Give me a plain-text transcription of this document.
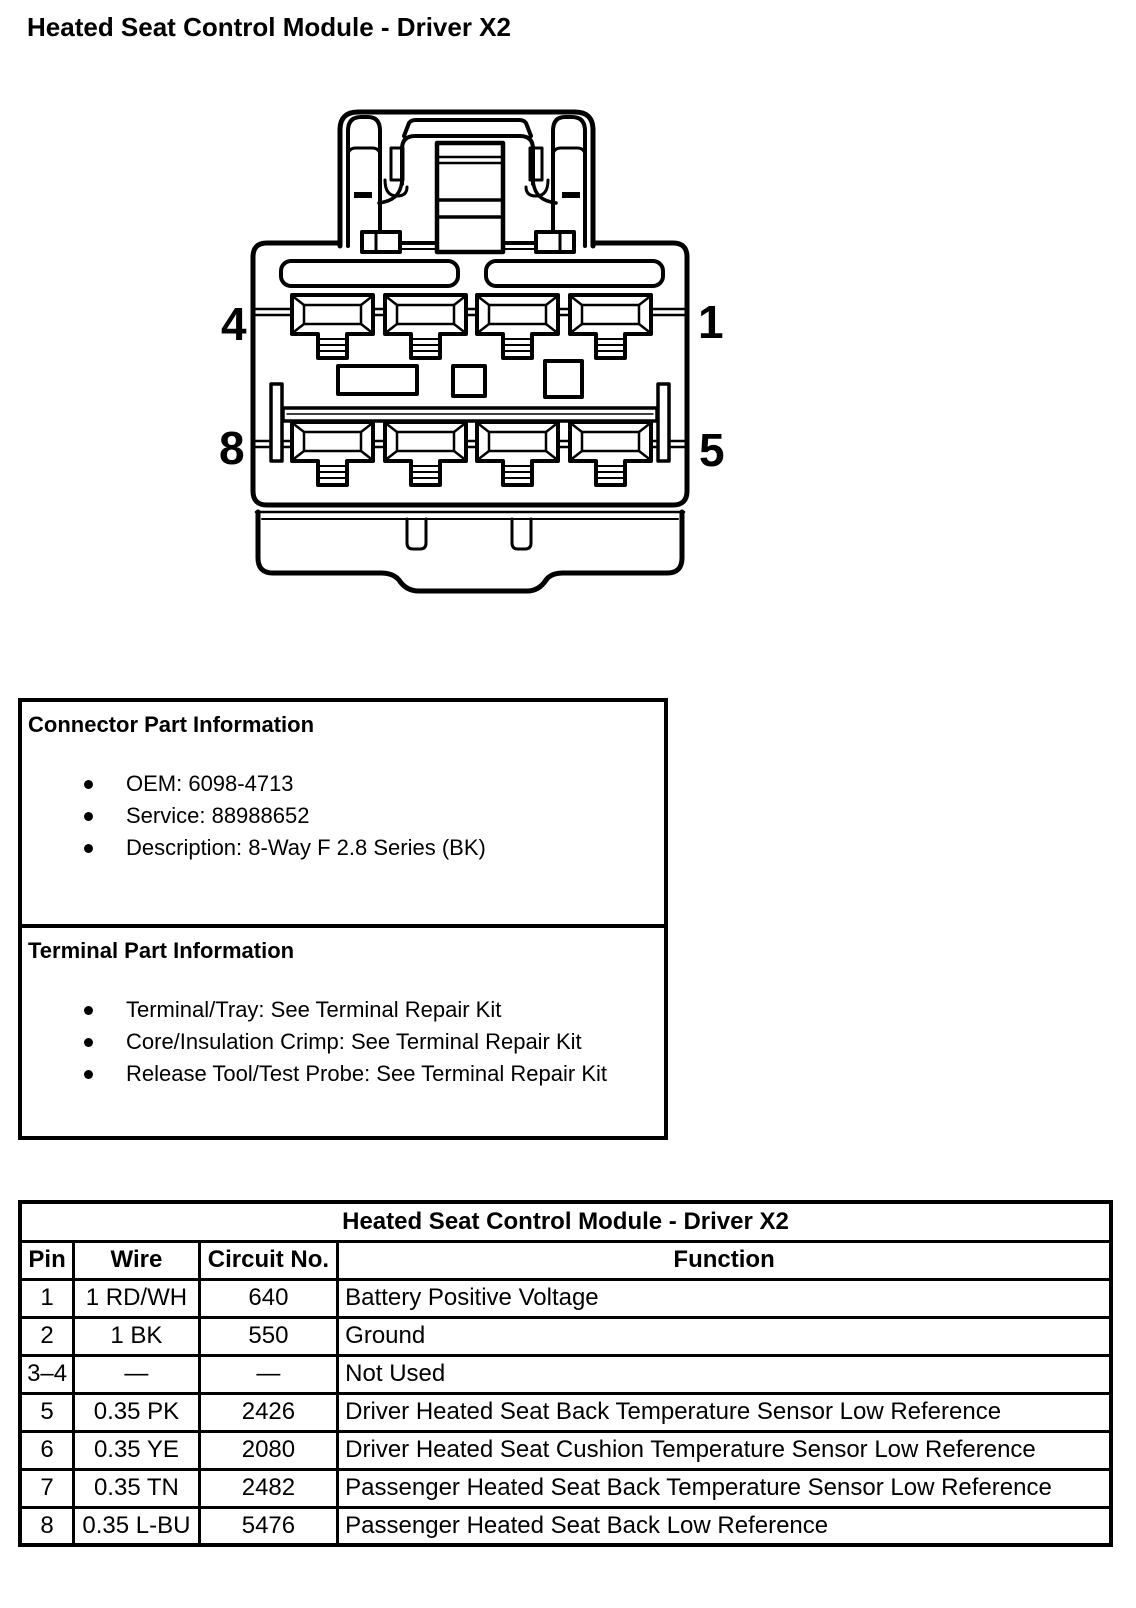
Heated Seat Control Module - Driver X2
4	1
8	5
Connector Part Information
OEM: 6098-4713
Service: 88988652
Description: 8-Way F 2.8 Series (BK)
Terminal Part Information
Terminal/Tray: See Terminal Repair Kit
Core/Insulation Crimp: See Terminal Repair Kit
Release Tool/Test Probe: See Terminal Repair Kit
Heated Seat Control Module - Driver X2			
Pin	Wire	Circuit No.	Function
1	1 RD/WH	640	Battery Positive Voltage
2	1 BK	550	Ground
3–4	—	—	Not Used
5	0.35 PK	2426	Driver Heated Seat Back Temperature Sensor Low Reference
6	0.35 YE	2080	Driver Heated Seat Cushion Temperature Sensor Low Reference
7	0.35 TN	2482	Passenger Heated Seat Back Temperature Sensor Low Reference
8	0.35 L-BU	5476	Passenger Heated Seat Back Low Reference
